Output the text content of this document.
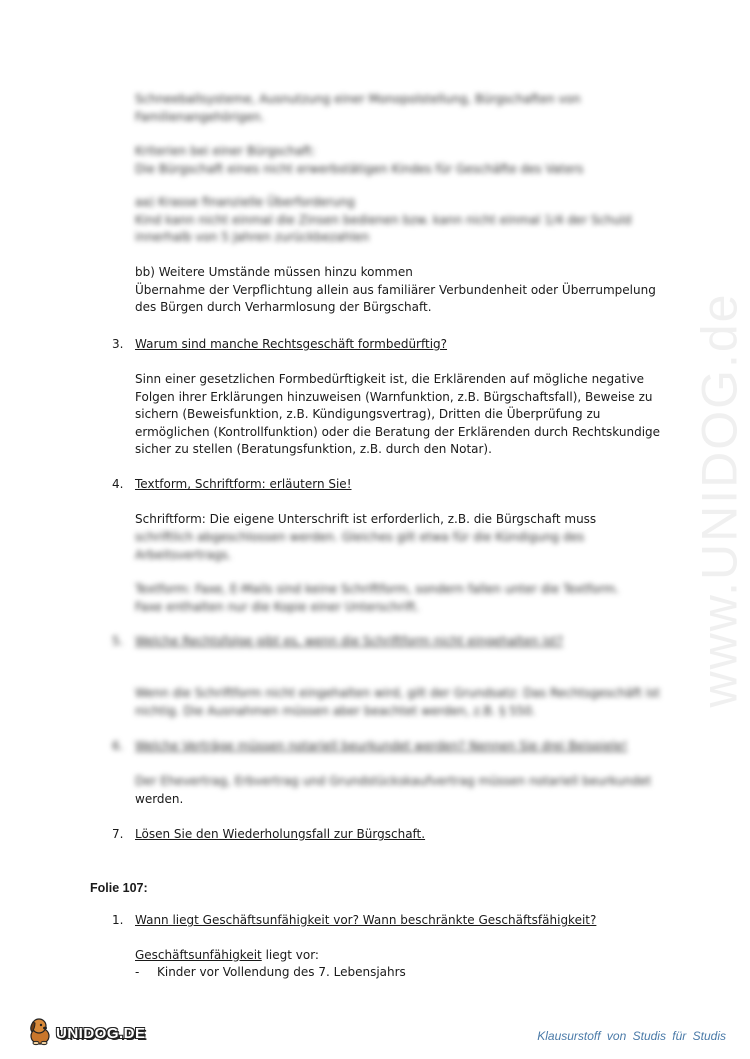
www.UNIDOG.de
Schneeballsysteme, Ausnutzung einer Monopolstellung, Bürgschaften von
Familienangehörigen.
Kriterien bei einer Bürgschaft:
Die Bürgschaft eines nicht erwerbstätigen Kindes für Geschäfte des Vaters
aa) Krasse finanzielle Überforderung
Kind kann nicht einmal die Zinsen bedienen bzw. kann nicht einmal 1/4 der Schuld
innerhalb von 5 Jahren zurückbezahlen
bb) Weitere Umstände müssen hinzu kommen
Übernahme der Verpflichtung allein aus familiärer Verbundenheit oder Überrumpelung
des Bürgen durch Verharmlosung der Bürgschaft.
3. Warum sind manche Rechtsgeschäft formbedürftig?
Sinn einer gesetzlichen Formbedürftigkeit ist, die Erklärenden auf mögliche negative
Folgen ihrer Erklärungen hinzuweisen (Warnfunktion, z.B. Bürgschaftsfall), Beweise zu
sichern (Beweisfunktion, z.B. Kündigungsvertrag), Dritten die Überprüfung zu
ermöglichen (Kontrollfunktion) oder die Beratung der Erklärenden durch Rechtskundige
sicher zu stellen (Beratungsfunktion, z.B. durch den Notar).
4. Textform, Schriftform: erläutern Sie!
Schriftform: Die eigene Unterschrift ist erforderlich, z.B. die Bürgschaft muss
schriftlich abgeschlossen werden. Gleiches gilt etwa für die Kündigung des
Arbeitsvertrags.
Textform: Faxe, E-Mails sind keine Schriftform, sondern fallen unter die Textform.
Faxe enthalten nur die Kopie einer Unterschrift.
5. Welche Rechtsfolge gibt es, wenn die Schriftform nicht eingehalten ist?
Wenn die Schriftform nicht eingehalten wird, gilt der Grundsatz: Das Rechtsgeschäft ist
nichtig. Die Ausnahmen müssen aber beachtet werden, z.B. § 550.
6. Welche Verträge müssen notariell beurkundet werden? Nennen Sie drei Beispiele!
Der Ehevertrag, Erbvertrag und Grundstückskaufvertrag müssen notariell beurkundet
werden.
7. Lösen Sie den Wiederholungsfall zur Bürgschaft.
Folie 107:
1. Wann liegt Geschäftsunfähigkeit vor? Wann beschränkte Geschäftsfähigkeit?
Geschäftsunfähigkeit liegt vor:
- Kinder vor Vollendung des 7. Lebensjahrs
UNIDOG.DE	Klausurstoff von Studis für Studis
